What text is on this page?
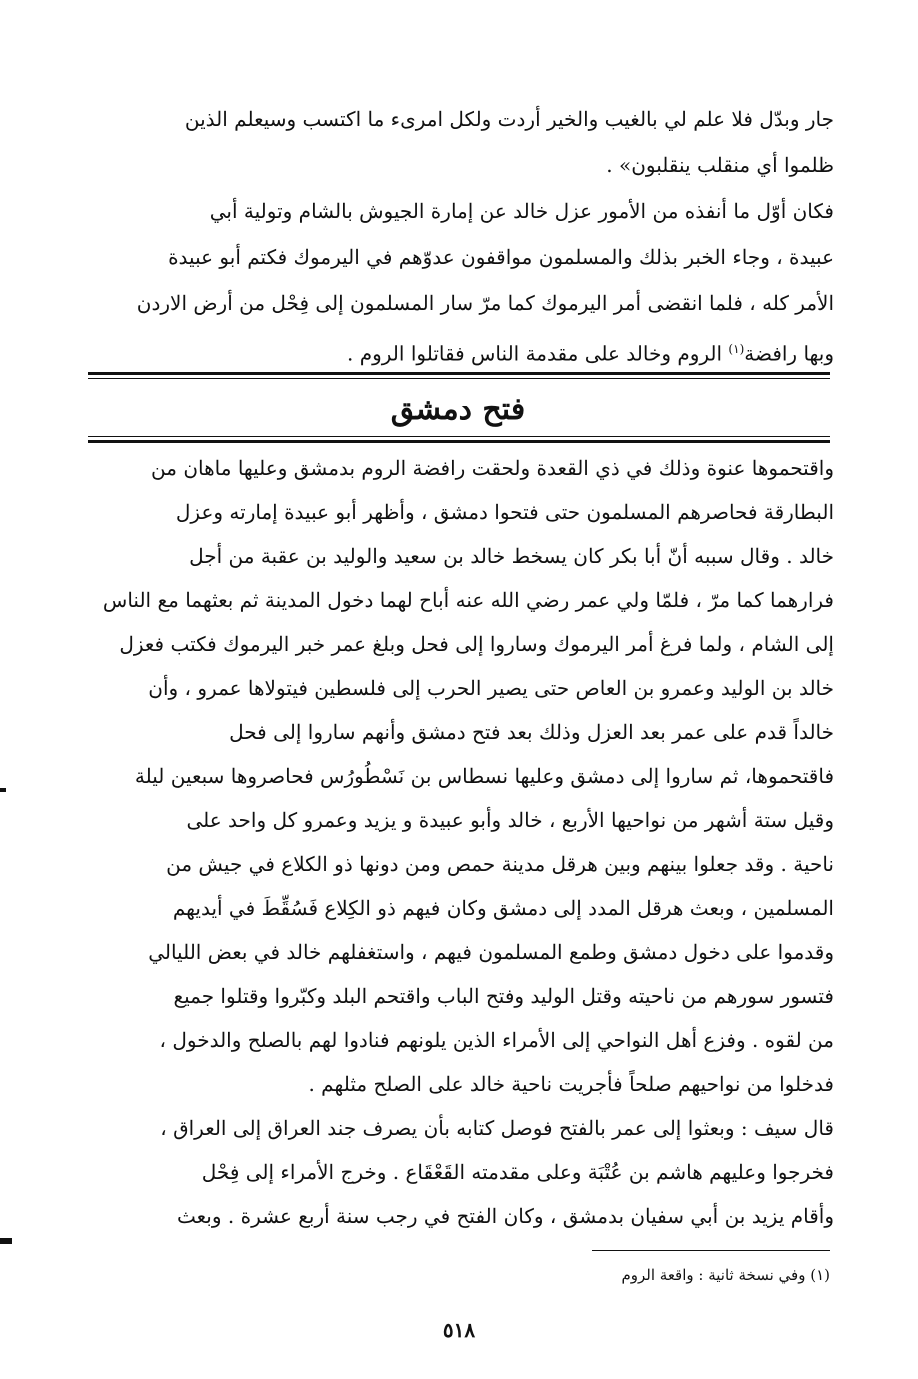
جار وبدّل فلا علم لي بالغيب والخير أردت ولكل امرىء ما اكتسب وسيعلم الذين
ظلموا أي منقلب ينقلبون» .
فكان أوّل ما أنفذه من الأمور عزل خالد عن إمارة الجيوش بالشام وتولية أبي
عبيدة ، وجاء الخبر بذلك والمسلمون مواقفون عدوّهم في اليرموك فكتم أبو عبيدة
الأمر كله ، فلما انقضى أمر اليرموك كما مرّ سار المسلمون إلى فِحْل من أرض الاردن
وبها رافضة$^{(١)}$ الروم وخالد على مقدمة الناس فقاتلوا الروم .
فتح دمشق
واقتحموها عنوة وذلك في ذي القعدة ولحقت رافضة الروم بدمشق وعليها ماهان من
البطارقة فحاصرهم المسلمون حتى فتحوا دمشق ، وأظهر أبو عبيدة إمارته وعزل
خالد . وقال سببه أنّ أبا بكر كان يسخط خالد بن سعيد والوليد بن عقبة من أجل
فرارهما كما مرّ ، فلمّا ولي عمر رضي الله عنه أباح لهما دخول المدينة ثم بعثهما مع الناس
إلى الشام ، ولما فرغ أمر اليرموك وساروا إلى فحل وبلغ عمر خبر اليرموك فكتب فعزل
خالد بن الوليد وعمرو بن العاص حتى يصير الحرب إلى فلسطين فيتولاها عمرو ، وأن
خالداً قدم على عمر بعد العزل وذلك بعد فتح دمشق وأنهم ساروا إلى فحل
فاقتحموها، ثم ساروا إلى دمشق وعليها نسطاس بن نَسْطُورُس فحاصروها سبعين ليلة
وقيل ستة أشهر من نواحيها الأربع ، خالد وأبو عبيدة و يزيد وعمرو كل واحد على
ناحية . وقد جعلوا بينهم وبين هرقل مدينة حمص ومن دونها ذو الكلاع في جيش من
المسلمين ، وبعث هرقل المدد إلى دمشق وكان فيهم ذو الكِلاع فَسُقِّطَ في أيديهم
وقدموا على دخول دمشق وطمع المسلمون فيهم ، واستغفلهم خالد في بعض الليالي
فتسور سورهم من ناحيته وقتل الوليد وفتح الباب واقتحم البلد وكبّروا وقتلوا جميع
من لقوه . وفزع أهل النواحي إلى الأمراء الذين يلونهم فنادوا لهم بالصلح والدخول ،
فدخلوا من نواحيهم صلحاً فأجريت ناحية خالد على الصلح مثلهم .
قال سيف : وبعثوا إلى عمر بالفتح فوصل كتابه بأن يصرف جند العراق إلى العراق ،
فخرجوا وعليهم هاشم بن عُتْبَة وعلى مقدمته القَعْقَاع . وخرج الأمراء إلى فِحْل
وأقام يزيد بن أبي سفيان بدمشق ، وكان الفتح في رجب سنة أربع عشرة . وبعث
(١) وفي نسخة ثانية : واقعة الروم
٥١٨
